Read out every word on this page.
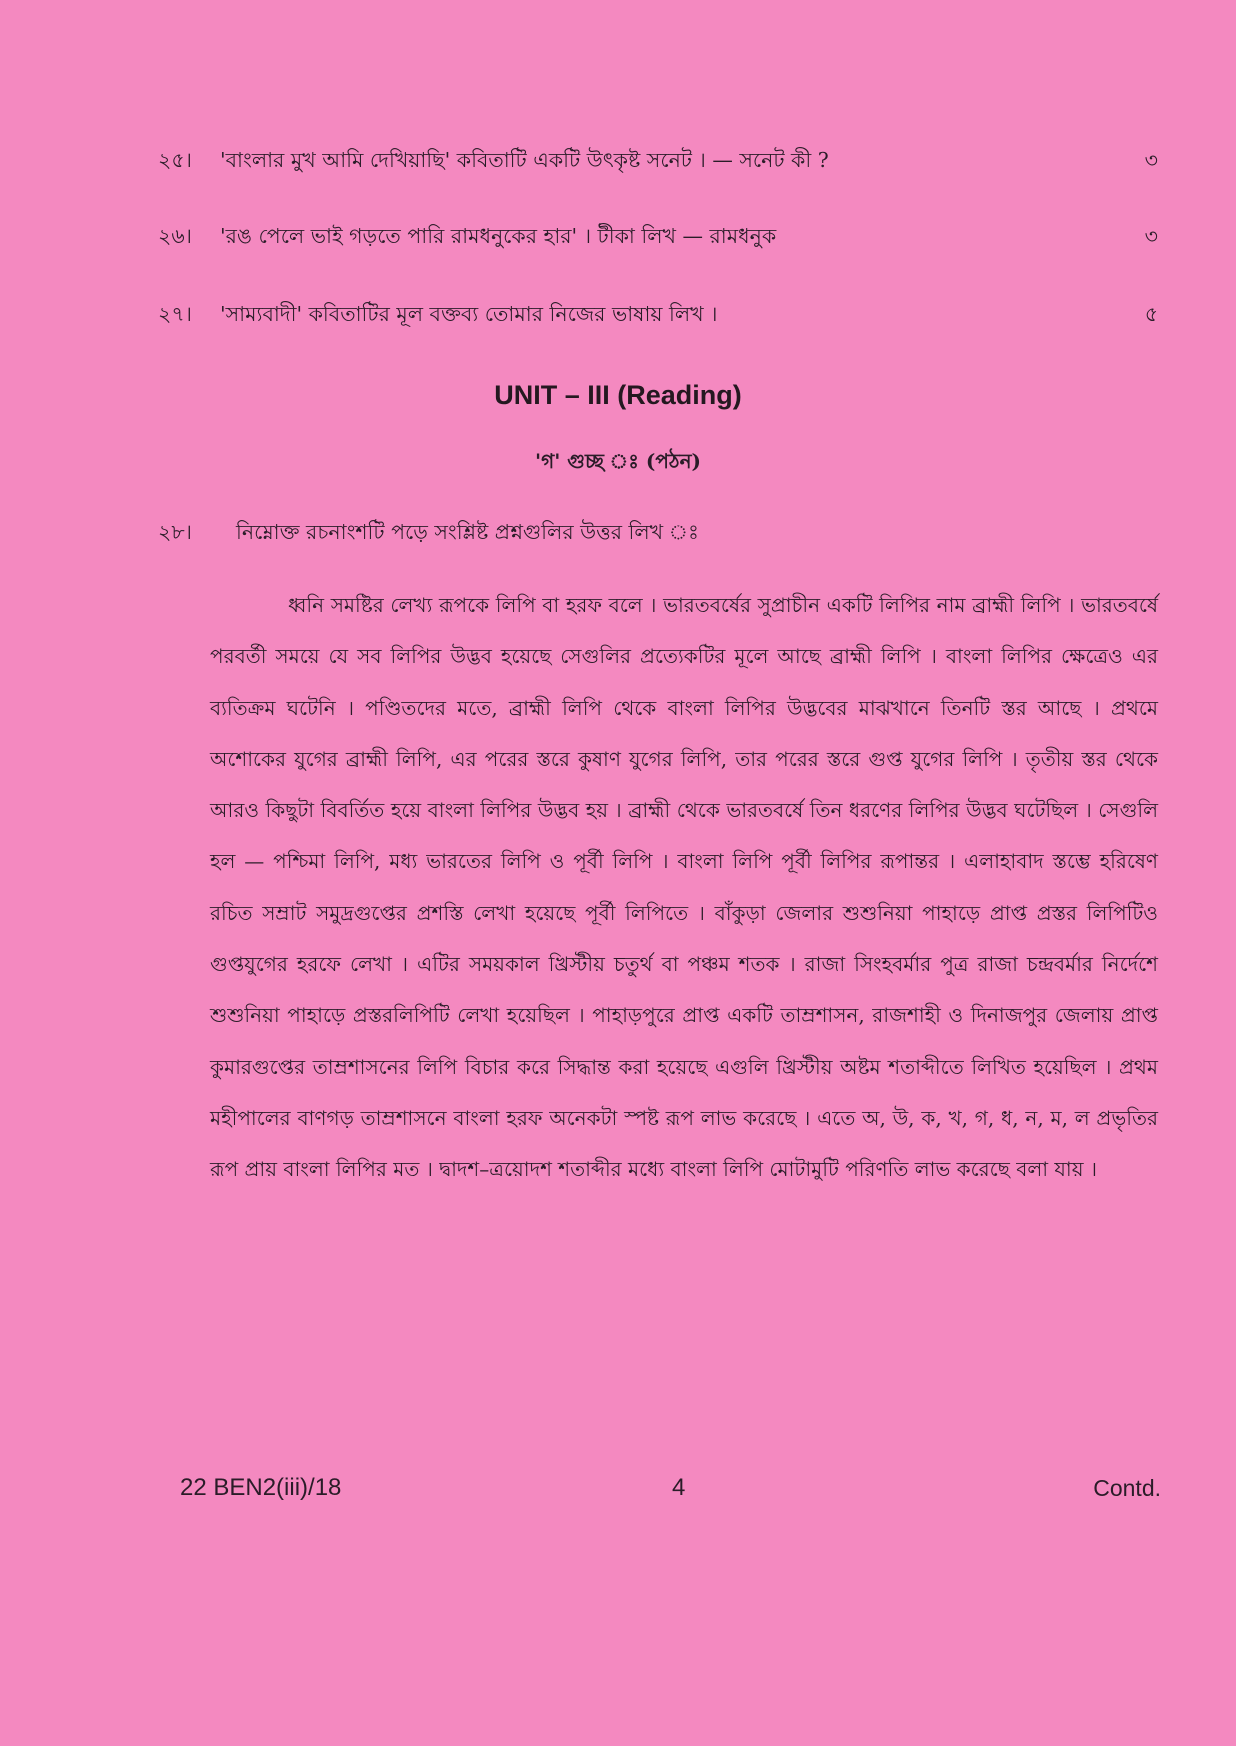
২৫। 'বাংলার মুখ আমি দেখিয়াছি' কবিতাটি একটি উৎকৃষ্ট সনেট । — সনেট কী ?	৩
২৬। 'রঙ পেলে ভাই গড়তে পারি রামধনুকের হার' । টীকা লিখ — রামধনুক	৩
২৭। 'সাম্যবাদী' কবিতাটির মূল বক্তব্য তোমার নিজের ভাষায় লিখ ।	৫
UNIT – III (Reading)
'গ' গুচ্ছ ঃ (পঠন)
২৮। নিম্নোক্ত রচনাংশটি পড়ে সংশ্লিষ্ট প্রশ্নগুলির উত্তর লিখ ঃ

ধ্বনি সমষ্টির লেখ্য রূপকে লিপি বা হরফ বলে । ভারতবর্ষের সুপ্রাচীন একটি লিপির নাম ব্রাহ্মী লিপি । ভারতবর্ষে পরবর্তী সময়ে যে সব লিপির উদ্ভব হয়েছে সেগুলির প্রত্যেকটির মূলে আছে ব্রাহ্মী লিপি । বাংলা লিপির ক্ষেত্রেও এর ব্যতিক্রম ঘটেনি । পণ্ডিতদের মতে, ব্রাহ্মী লিপি থেকে বাংলা লিপির উদ্ভবের মাঝখানে তিনটি স্তর আছে । প্রথমে অশোকের যুগের ব্রাহ্মী লিপি, এর পরের স্তরে কুষাণ যুগের লিপি, তার পরের স্তরে গুপ্ত যুগের লিপি । তৃতীয় স্তর থেকে আরও কিছুটা বিবর্তিত হয়ে বাংলা লিপির উদ্ভব হয় । ব্রাহ্মী থেকে ভারতবর্ষে তিন ধরণের লিপির উদ্ভব ঘটেছিল । সেগুলি হল — পশ্চিমা লিপি, মধ্য ভারতের লিপি ও পূর্বী লিপি । বাংলা লিপি পূর্বী লিপির রূপান্তর । এলাহাবাদ স্তম্ভে হরিষেণ রচিত সম্রাট সমুদ্রগুপ্তের প্রশস্তি লেখা হয়েছে পূর্বী লিপিতে । বাঁকুড়া জেলার শুশুনিয়া পাহাড়ে প্রাপ্ত প্রস্তর লিপিটিও গুপ্তযুগের হরফে লেখা । এটির সময়কাল খ্রিস্টীয় চতুর্থ বা পঞ্চম শতক । রাজা সিংহবর্মার পুত্র রাজা চন্দ্রবর্মার নির্দেশে শুশুনিয়া পাহাড়ে প্রস্তরলিপিটি লেখা হয়েছিল । পাহাড়পুরে প্রাপ্ত একটি তাম্রশাসন, রাজশাহী ও দিনাজপুর জেলায় প্রাপ্ত কুমারগুপ্তের তাম্রশাসনের লিপি বিচার করে সিদ্ধান্ত করা হয়েছে এগুলি খ্রিস্টীয় অষ্টম শতাব্দীতে লিখিত হয়েছিল । প্রথম মহীপালের বাণগড় তাম্রশাসনে বাংলা হরফ অনেকটা স্পষ্ট রূপ লাভ করেছে । এতে অ, উ, ক, খ, গ, ধ, ন, ম, ল প্রভৃতির রূপ প্রায় বাংলা লিপির মত । দ্বাদশ–ত্রয়োদশ শতাব্দীর মধ্যে বাংলা লিপি মোটামুটি পরিণতি লাভ করেছে বলা যায় ।

22 BEN2(iii)/18	4	Contd.
